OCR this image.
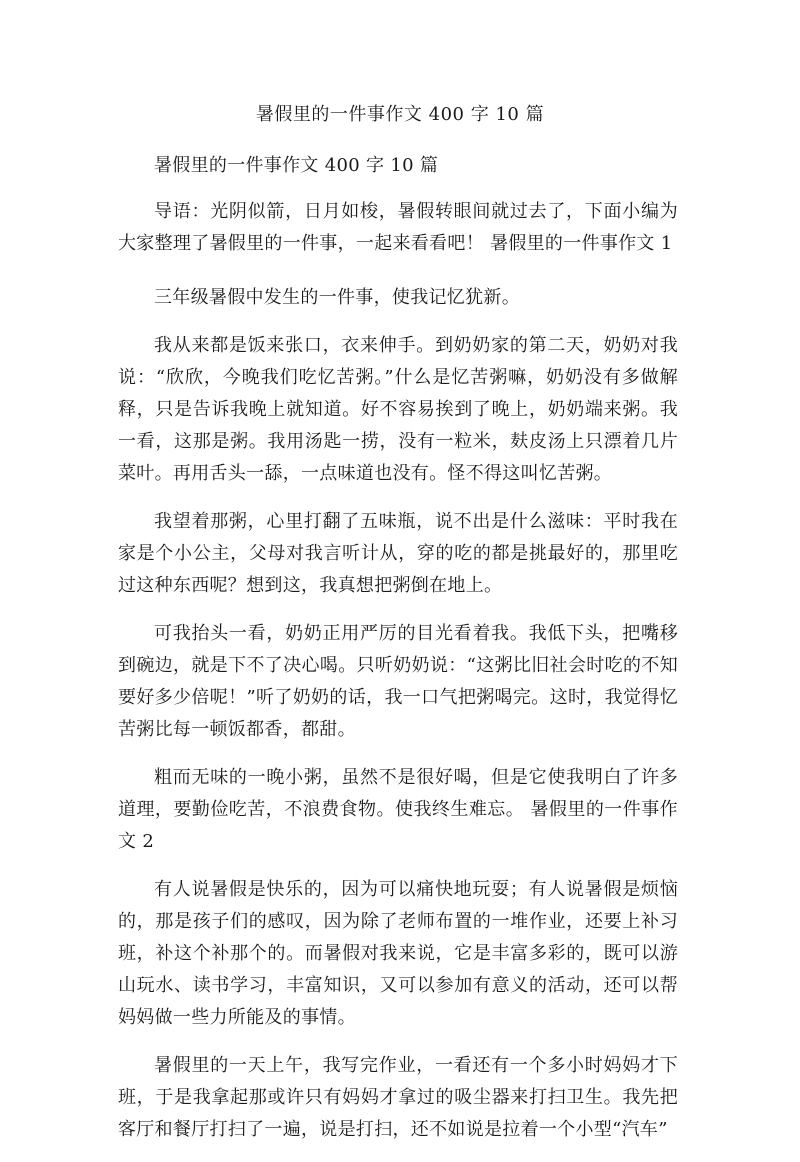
暑假里的一件事作文 400 字 10 篇

暑假里的一件事作文 400 字 10 篇

导语：光阴似箭，日月如梭，暑假转眼间就过去了，下面小编为大家整理了暑假里的一件事，一起来看看吧！ 暑假里的一件事作文 1

三年级暑假中发生的一件事，使我记忆犹新。

我从来都是饭来张口，衣来伸手。到奶奶家的第二天，奶奶对我说：“欣欣，今晚我们吃忆苦粥。”什么是忆苦粥嘛，奶奶没有多做解释，只是告诉我晚上就知道。好不容易挨到了晚上，奶奶端来粥。我一看，这那是粥。我用汤匙一捞，没有一粒米，麸皮汤上只漂着几片菜叶。再用舌头一舔，一点味道也没有。怪不得这叫忆苦粥。

我望着那粥，心里打翻了五味瓶，说不出是什么滋味：平时我在家是个小公主，父母对我言听计从，穿的吃的都是挑最好的，那里吃过这种东西呢？想到这，我真想把粥倒在地上。

可我抬头一看，奶奶正用严厉的目光看着我。我低下头，把嘴移到碗边，就是下不了决心喝。只听奶奶说：“这粥比旧社会时吃的不知要好多少倍呢！”听了奶奶的话，我一口气把粥喝完。这时，我觉得忆苦粥比每一顿饭都香，都甜。

粗而无味的一晚小粥，虽然不是很好喝，但是它使我明白了许多道理，要勤俭吃苦，不浪费食物。使我终生难忘。 暑假里的一件事作文 2

有人说暑假是快乐的，因为可以痛快地玩耍；有人说暑假是烦恼的，那是孩子们的感叹，因为除了老师布置的一堆作业，还要上补习班，补这个补那个的。而暑假对我来说，它是丰富多彩的，既可以游山玩水、读书学习，丰富知识，又可以参加有意义的活动，还可以帮妈妈做一些力所能及的事情。

暑假里的一天上午，我写完作业，一看还有一个多小时妈妈才下班，于是我拿起那或许只有妈妈才拿过的吸尘器来打扫卫生。我先把客厅和餐厅打扫了一遍，说是打扫，还不如说是拉着一个小型“汽车”
